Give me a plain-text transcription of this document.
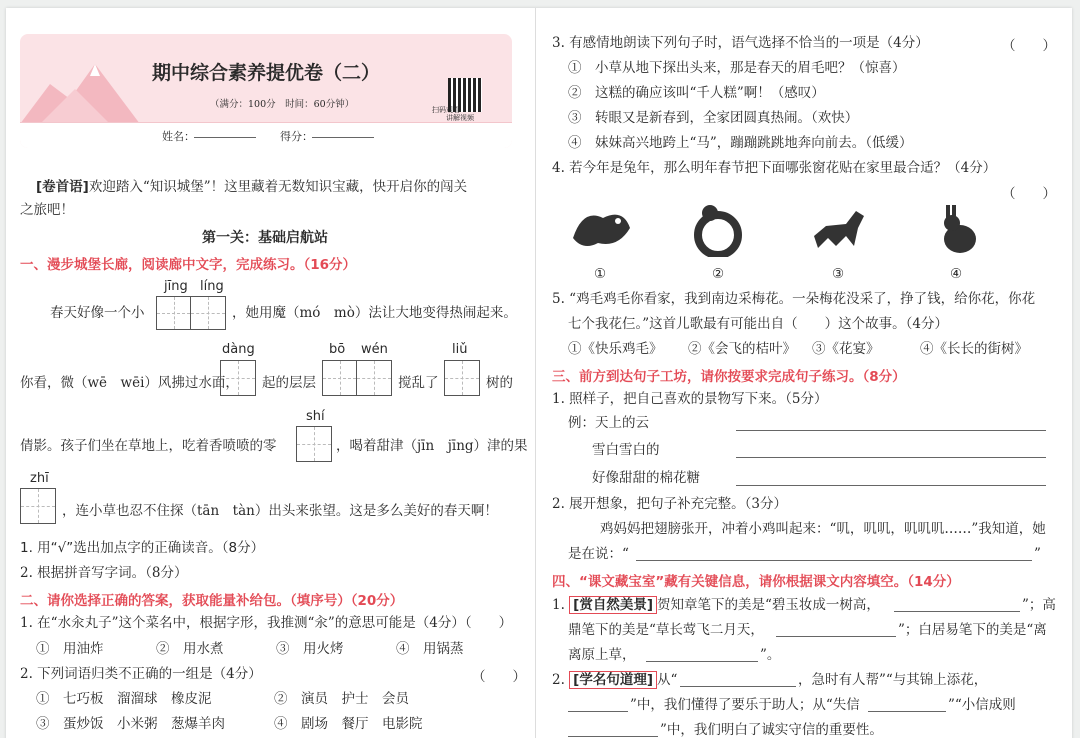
期中综合素养提优卷（二）
（满分：100分　时间：60分钟）
讲解视频
姓名：	得分：
扫码观看
[卷首语]欢迎踏入“知识城堡”！这里藏着无数知识宝藏，快开启你的闯关
之旅吧！
第一关：基础启航站
一、漫步城堡长廊，阅读廊中文字，完成练习。（16分）
jīng líng
春天好像一个小	，她用魔（mó　mò）法让大地变得热闹起来。
dàng	bō wén	liǔ
你看，微（wē　wēi）风拂过水面， 起的层层	搅乱了	树的
shí
倩影。孩子们坐在草地上，吃着香喷喷的零	，喝着甜津（jīn　jīng）津的果
zhī
，连小草也忍不住探（tān　tàn）出头来张望。这是多么美好的春天啊！
1. 用“√”选出加点字的正确读音。（8分）
2. 根据拼音写字词。（8分）
二、请你选择正确的答案，获取能量补给包。（填序号）（20分）
1. 在“水汆丸子”这个菜名中，根据字形，我推测“汆”的意思可能是（4分）（　　）
①　用油炸	②　用水煮	③　用火烤	④　用锅蒸
2. 下列词语归类不正确的一组是（4分）	（　　）
①　七巧板　溜溜球　橡皮泥	②　演员　护士　会员
③　蛋炒饭　小米粥　葱爆羊肉	④　剧场　餐厅　电影院
3. 有感情地朗读下列句子时，语气选择不恰当的一项是（4分）	（　　）
①　小草从地下探出头来，那是春天的眉毛吧？（惊喜）
②　这糕的确应该叫“千人糕”啊！（感叹）
③　转眼又是新春到，全家团圆真热闹。（欢快）
④　妹妹高兴地跨上“马”，蹦蹦跳跳地奔向前去。（低缓）
4. 若今年是兔年，那么明年春节把下面哪张窗花贴在家里最合适？（4分）
（　　）
①	②	③	④
5. “鸡毛鸡毛你看家，我到南边采梅花。一朵梅花没采了，挣了钱，给你花，你花
七个我花仨。”这首儿歌最有可能出自（　　）这个故事。（4分）
①《快乐鸡毛》 ②《会飞的桔叶》 ③《花宴》	④《长长的街树》
三、前方到达句子工坊，请你按要求完成句子练习。（8分）
1. 照样子，把自己喜欢的景物写下来。（5分）
例：天上的云
雪白雪白的
好像甜甜的棉花糖
2. 展开想象，把句子补充完整。（3分）
鸡妈妈把翅膀张开，冲着小鸡叫起来：“叽，叽叽，叽叽叽……”我知道，她
是在说：“	”
四、“课文藏宝室”藏有关键信息，请你根据课文内容填空。（14分）
1. [赏自然美景] 贺知章笔下的美是“碧玉妆成一树高，	”；高
鼎笔下的美是“草长莺飞二月天，	”；白居易笔下的美是“离
离原上草，	”。
2. [学名句道理] 从“	，急时有人帮”“与其锦上添花，
”中，我们懂得了要乐于助人；从“失信	”“小信成则
”中，我们明白了诚实守信的重要性。
